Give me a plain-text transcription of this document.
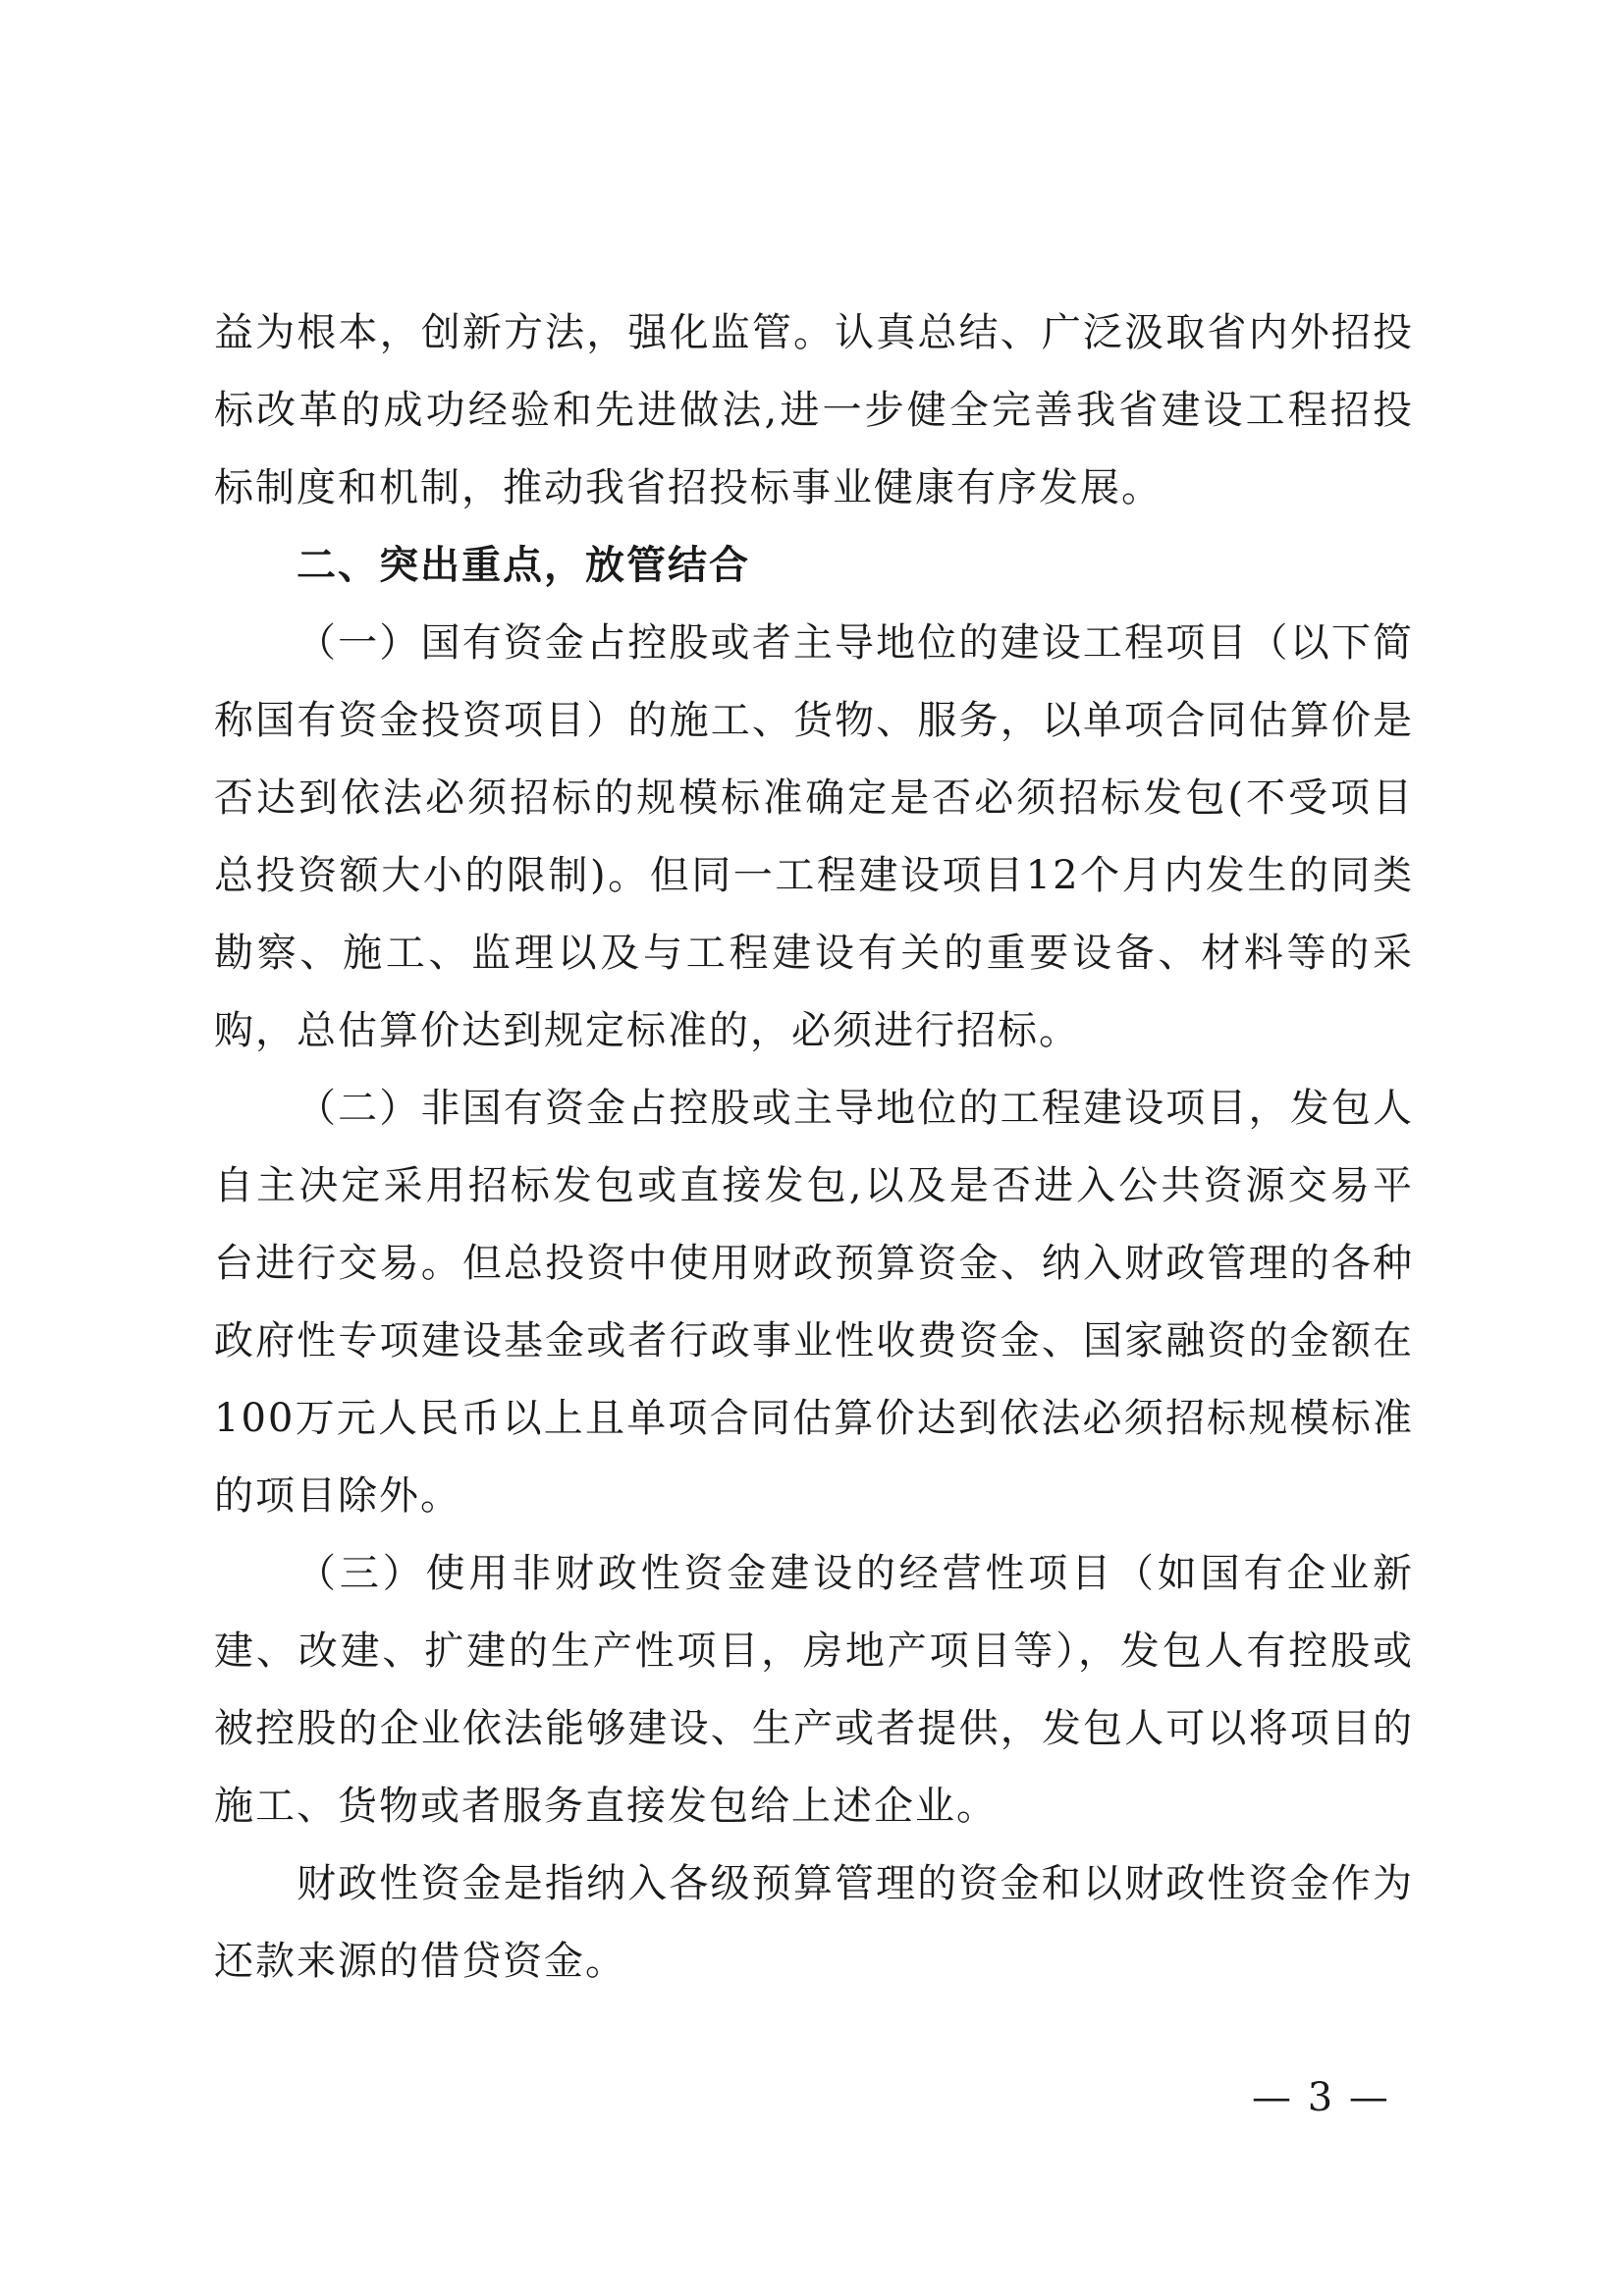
益为根本，创新方法，强化监管。认真总结、广泛汲取省内外招投标改革的成功经验和先进做法,进一步健全完善我省建设工程招投标制度和机制，推动我省招投标事业健康有序发展。

二、突出重点，放管结合

（一）国有资金占控股或者主导地位的建设工程项目（以下简称国有资金投资项目）的施工、货物、服务，以单项合同估算价是否达到依法必须招标的规模标准确定是否必须招标发包(不受项目总投资额大小的限制)。但同一工程建设项目12个月内发生的同类勘察、施工、监理以及与工程建设有关的重要设备、材料等的采购，总估算价达到规定标准的，必须进行招标。

（二）非国有资金占控股或主导地位的工程建设项目，发包人自主决定采用招标发包或直接发包,以及是否进入公共资源交易平台进行交易。但总投资中使用财政预算资金、纳入财政管理的各种政府性专项建设基金或者行政事业性收费资金、国家融资的金额在100万元人民币以上且单项合同估算价达到依法必须招标规模标准的项目除外。

（三）使用非财政性资金建设的经营性项目（如国有企业新建、改建、扩建的生产性项目，房地产项目等），发包人有控股或被控股的企业依法能够建设、生产或者提供，发包人可以将项目的施工、货物或者服务直接发包给上述企业。

财政性资金是指纳入各级预算管理的资金和以财政性资金作为还款来源的借贷资金。

— 3 —
